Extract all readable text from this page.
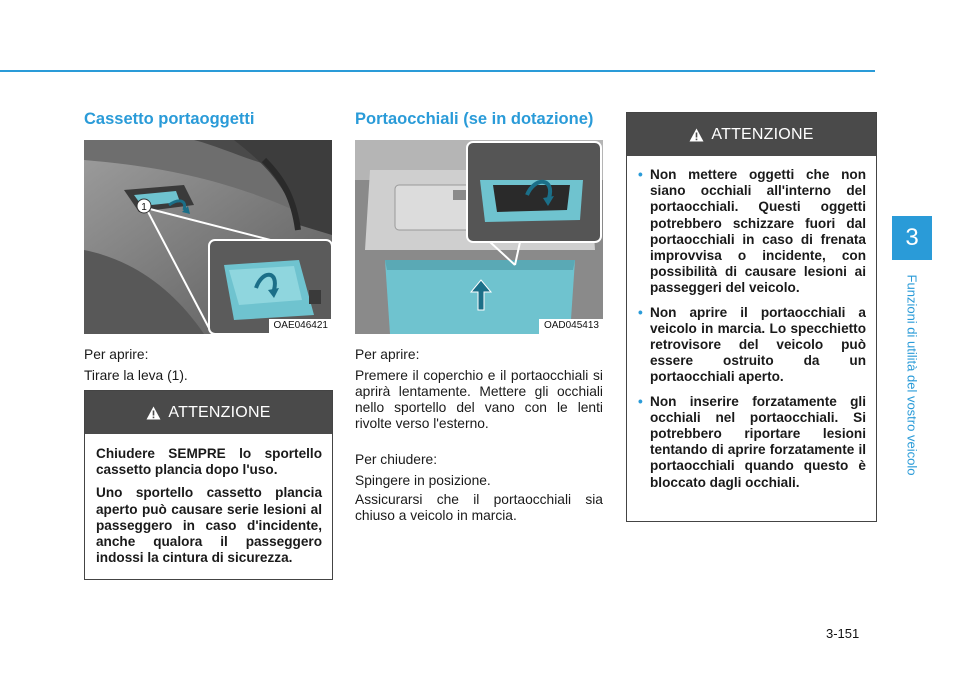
Cassetto portaoggetti
1
OAE046421

Per aprire:

Tirare la leva (1).

ATTENZIONE

Chiudere SEMPRE lo sportello cassetto plancia dopo l'uso.

Uno sportello cassetto plancia aperto può causare serie lesioni al passeggero in caso d'incidente, anche qualora il passeggero indossi la cintura di sicurezza.

Portaocchiali (se in dotazione)
OAD045413

Per aprire:

Premere il coperchio e il portaocchiali si aprirà lentamente. Mettere gli occhiali nello sportello del vano con le lenti rivolte verso l'esterno.

Per chiudere:

Spingere in posizione.

Assicurarsi che il portaocchiali sia chiuso a veicolo in marcia.

ATTENZIONE
• Non mettere oggetti che non siano occhiali all'interno del portaocchiali. Questi oggetti potrebbero schizzare fuori dal portaocchiali in caso di frenata improvvisa o incidente, con possibilità di causare lesioni ai passeggeri del veicolo.
• Non aprire il portaocchiali a veicolo in marcia. Lo specchietto retrovisore del veicolo può essere ostruito da un portaocchiali aperto.
• Non inserire forzatamente gli occhiali nel portaocchiali. Si potrebbero riportare lesioni tentando di aprire forzatamente il portaocchiali quando questo è bloccato dagli occhiali.
3
Funzioni di utilità del vostro veicolo
3-151
